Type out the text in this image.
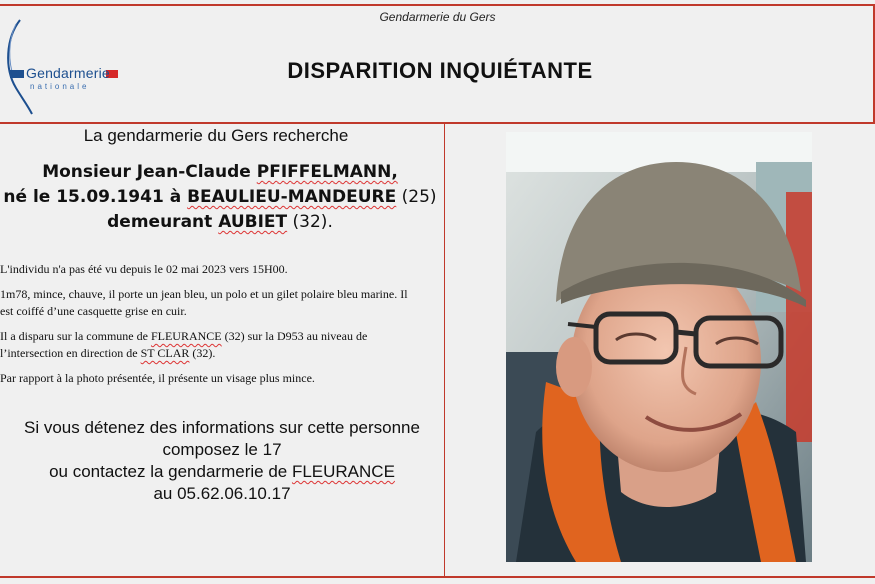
Gendarmerie du Gers
Gendarmerie
nationale
DISPARITION INQUIÉTANTE
La gendarmerie du Gers recherche
Monsieur Jean-Claude PFIFFELMANN,
né le 15.09.1941 à BEAULIEU-MANDEURE (25)
demeurant AUBIET (32).
L'individu n'a pas été vu depuis le 02 mai 2023 vers 15H00.
1m78, mince, chauve, il porte un jean bleu, un polo et un gilet polaire bleu marine. Il
est coiffé d’une casquette grise en cuir.
Il a disparu sur la commune de FLEURANCE (32) sur la D953 au niveau de
l’intersection en direction de ST CLAR (32).
Par rapport à la photo présentée, il présente un visage plus mince.
Si vous détenez des informations sur cette personne
composez le 17
ou contactez la gendarmerie de FLEURANCE
au 05.62.06.10.17
